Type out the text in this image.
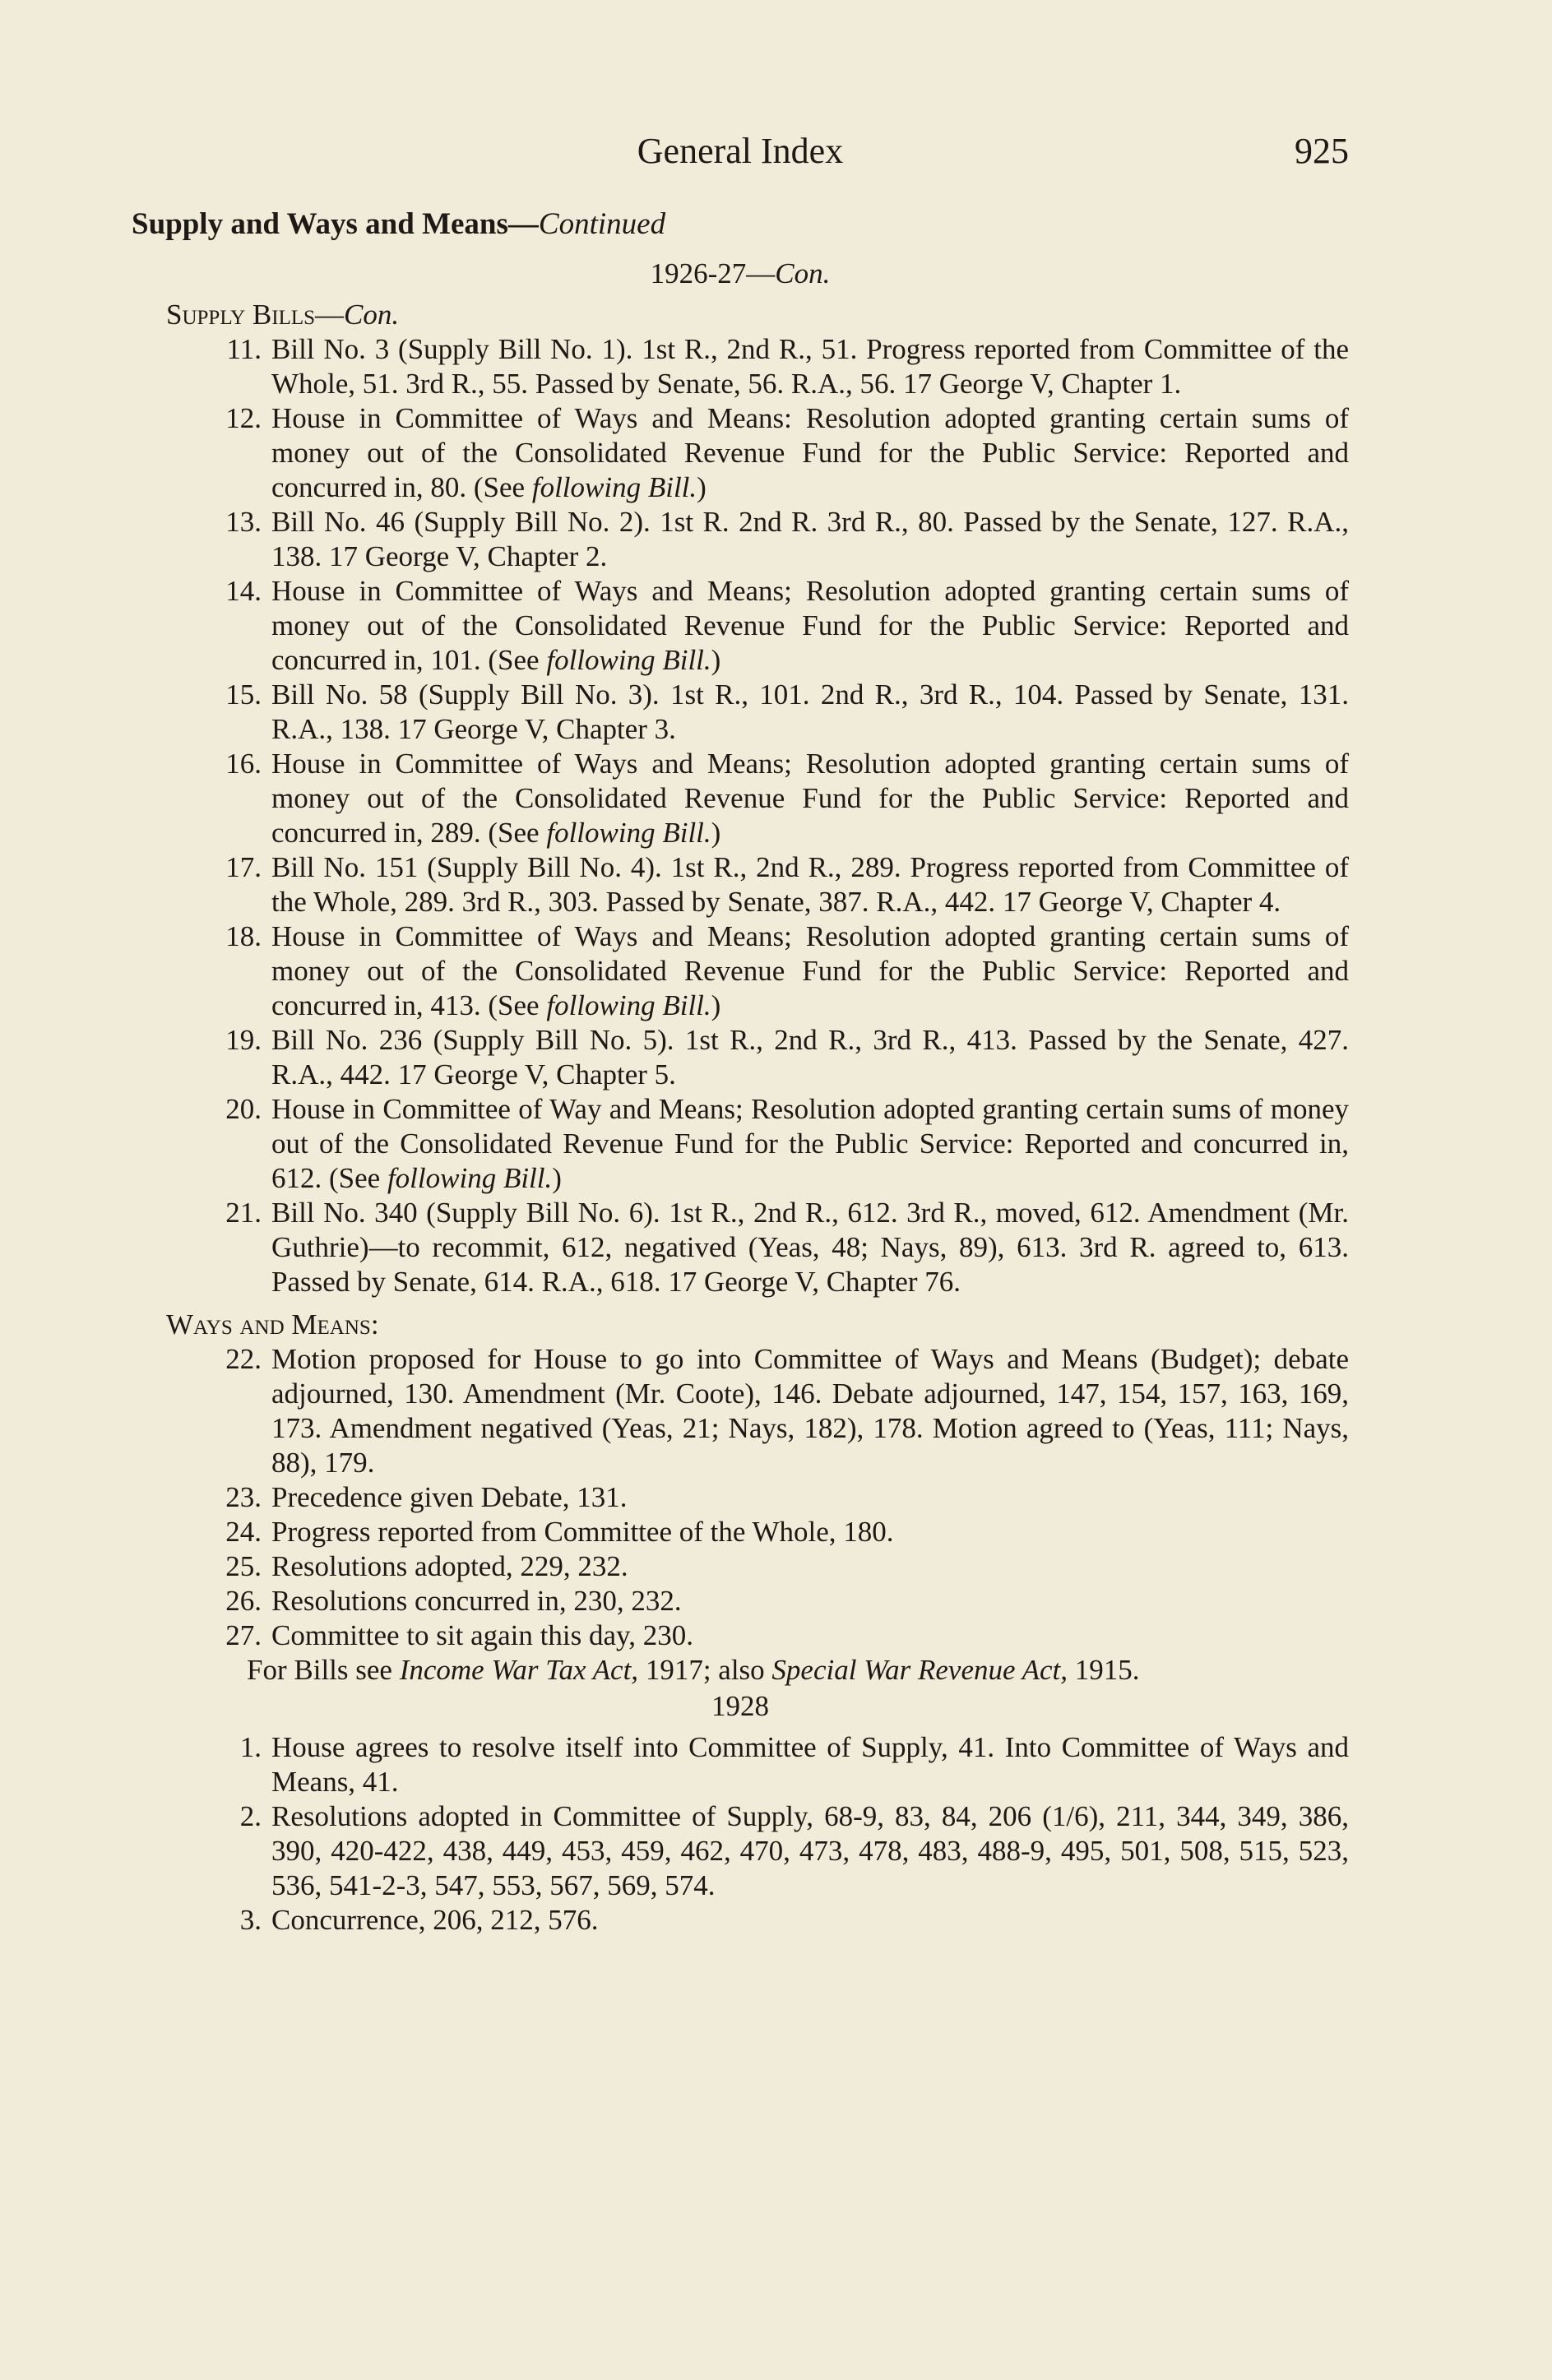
General Index	925
Supply and Ways and Means—Continued
1926-27—Con.
Supply Bills—Con.
11. Bill No. 3 (Supply Bill No. 1). 1st R., 2nd R., 51. Progress reported from Committee of the Whole, 51. 3rd R., 55. Passed by Senate, 56. R.A., 56. 17 George V, Chapter 1.
12. House in Committee of Ways and Means: Resolution adopted granting certain sums of money out of the Consolidated Revenue Fund for the Public Service: Reported and concurred in, 80. (See following Bill.)
13. Bill No. 46 (Supply Bill No. 2). 1st R. 2nd R. 3rd R., 80. Passed by the Senate, 127. R.A., 138. 17 George V, Chapter 2.
14. House in Committee of Ways and Means; Resolution adopted granting certain sums of money out of the Consolidated Revenue Fund for the Public Service: Reported and concurred in, 101. (See following Bill.)
15. Bill No. 58 (Supply Bill No. 3). 1st R., 101. 2nd R., 3rd R., 104. Passed by Senate, 131. R.A., 138. 17 George V, Chapter 3.
16. House in Committee of Ways and Means; Resolution adopted granting certain sums of money out of the Consolidated Revenue Fund for the Public Service: Reported and concurred in, 289. (See following Bill.)
17. Bill No. 151 (Supply Bill No. 4). 1st R., 2nd R., 289. Progress reported from Committee of the Whole, 289. 3rd R., 303. Passed by Senate, 387. R.A., 442. 17 George V, Chapter 4.
18. House in Committee of Ways and Means; Resolution adopted granting certain sums of money out of the Consolidated Revenue Fund for the Public Service: Reported and concurred in, 413. (See following Bill.)
19. Bill No. 236 (Supply Bill No. 5). 1st R., 2nd R., 3rd R., 413. Passed by the Senate, 427. R.A., 442. 17 George V, Chapter 5.
20. House in Committee of Way and Means; Resolution adopted granting certain sums of money out of the Consolidated Revenue Fund for the Public Service: Reported and concurred in, 612. (See following Bill.)
21. Bill No. 340 (Supply Bill No. 6). 1st R., 2nd R., 612. 3rd R., moved, 612. Amendment (Mr. Guthrie)—to recommit, 612, negatived (Yeas, 48; Nays, 89), 613. 3rd R. agreed to, 613. Passed by Senate, 614. R.A., 618. 17 George V, Chapter 76.
Ways and Means:
22. Motion proposed for House to go into Committee of Ways and Means (Budget); debate adjourned, 130. Amendment (Mr. Coote), 146. Debate adjourned, 147, 154, 157, 163, 169, 173. Amendment negatived (Yeas, 21; Nays, 182), 178. Motion agreed to (Yeas, 111; Nays, 88), 179.
23. Precedence given Debate, 131.
24. Progress reported from Committee of the Whole, 180.
25. Resolutions adopted, 229, 232.
26. Resolutions concurred in, 230, 232.
27. Committee to sit again this day, 230.
For Bills see Income War Tax Act, 1917; also Special War Revenue Act, 1915.
1928
1. House agrees to resolve itself into Committee of Supply, 41. Into Committee of Ways and Means, 41.
2. Resolutions adopted in Committee of Supply, 68-9, 83, 84, 206 (1/6), 211, 344, 349, 386, 390, 420-422, 438, 449, 453, 459, 462, 470, 473, 478, 483, 488-9, 495, 501, 508, 515, 523, 536, 541-2-3, 547, 553, 567, 569, 574.
3. Concurrence, 206, 212, 576.
